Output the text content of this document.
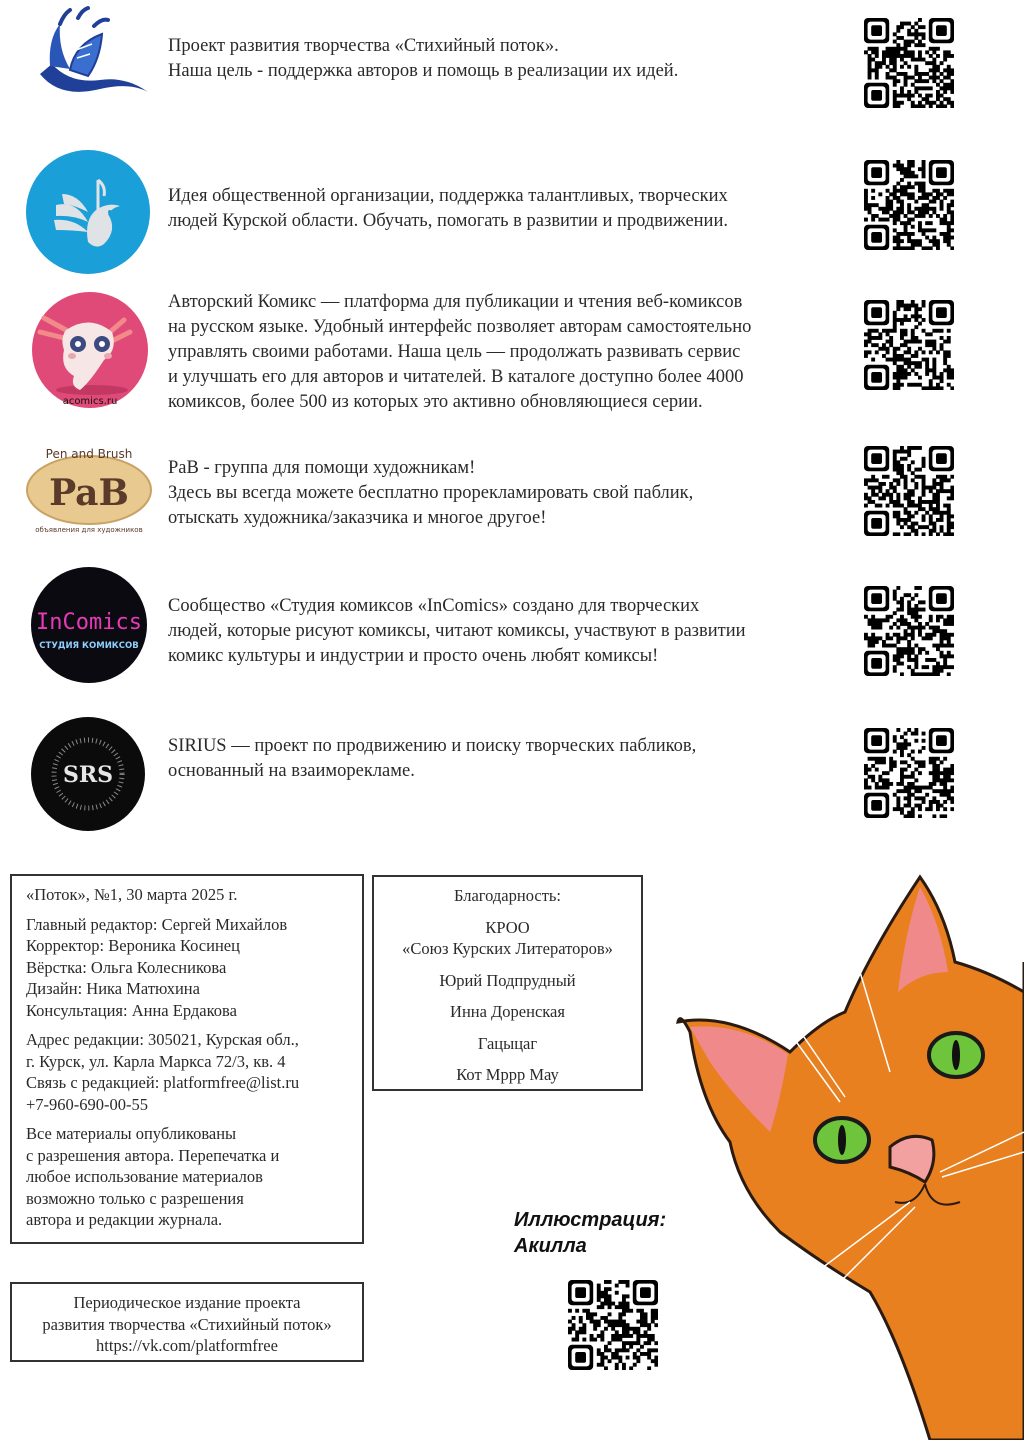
Проект развития творчества «Стихийный поток».
Наша цель - поддержка авторов и помощь в реализации их идей.
Идея общественной организации, поддержка талантливых, творческих
людей Курской области. Обучать, помогать в развитии и продвижении.
acomics.ru
Авторский Комикс — платформа для публикации и чтения веб-комиксов
на русском языке. Удобный интерфейс позволяет авторам самостоятельно
управлять своими работами. Наша цель — продолжать развивать сервис
и улучшать его для авторов и читателей. В каталоге доступно более 4000
комиксов, более 500 из которых это активно обновляющиеся серии.
Pen and Brush
PaB
объявления для художников
PaB - группа для помощи художникам!
Здесь вы всегда можете бесплатно прорекламировать свой паблик,
отыскать художника/заказчика и многое другое!
InComics
СТУДИЯ КОМИКСОВ
Сообщество «Студия комиксов «InComics» создано для творческих
людей, которые рисуют комиксы, читают комиксы, участвуют в развитии
комикс культуры и индустрии и просто очень любят комиксы!
SRS
SIRIUS — проект по продвижению и поиску творческих пабликов,
основанный на взаиморекламе.
«Поток», №1, 30 марта 2025 г.
Главный редактор: Сергей Михайлов
Корректор: Вероника Косинец
Вёрстка: Ольга Колесникова
Дизайн: Ника Матюхина
Консультация: Анна Ердакова
Адрес редакции: 305021, Курская обл.,
г. Курск, ул. Карла Маркса 72/3, кв. 4
Связь с редакцией: platformfree@list.ru
+7-960-690-00-55
Все материалы опубликованы
с разрешения автора. Перепечатка и
любое использование материалов
возможно только с разрешения
автора и редакции журнала.
Благодарность:
КРОО
«Союз Курских Литераторов»
Юрий Подпрудный
Инна Доренская
Гацыцаг
Кот Мррр Мау
Периодическое издание проекта
развития творчества «Стихийный поток»
https://vk.com/platformfree
Иллюстрация:
Акилла
